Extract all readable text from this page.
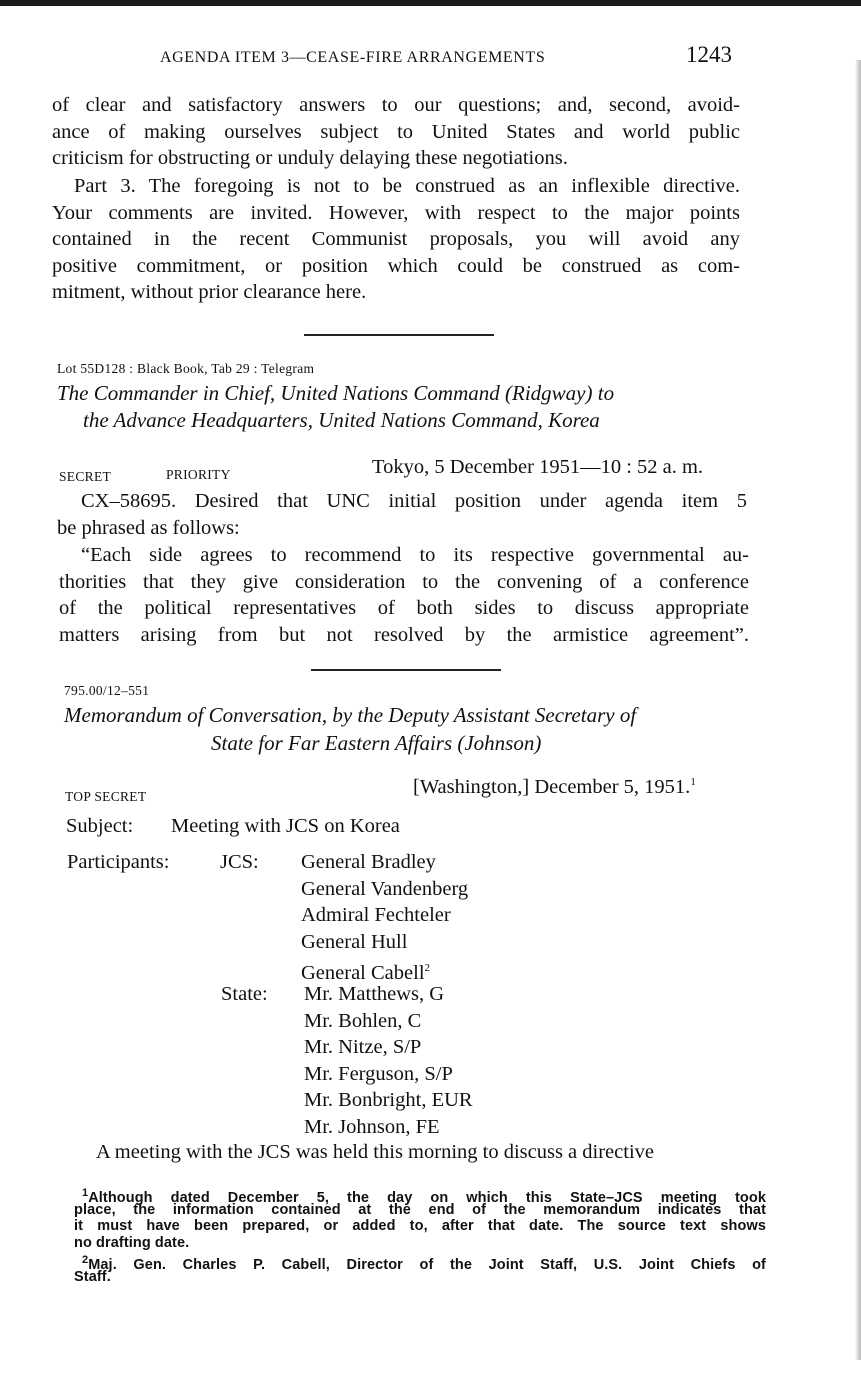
AGENDA ITEM 3—CEASE-FIRE ARRANGEMENTS	1243
of clear and satisfactory answers to our questions; and, second, avoid-
ance of making ourselves subject to United States and world public
criticism for obstructing or unduly delaying these negotiations.
Part 3. The foregoing is not to be construed as an inflexible directive.
Your comments are invited. However, with respect to the major points
contained in the recent Communist proposals, you will avoid any
positive commitment, or position which could be construed as com-
mitment, without prior clearance here.
Lot 55D128 : Black Book, Tab 29 : Telegram
The Commander in Chief, United Nations Command (Ridgway) to
the Advance Headquarters, United Nations Command, Korea
SECRET	PRIORITY	Tokyo, 5 December 1951—10 : 52 a. m.
CX–58695. Desired that UNC initial position under agenda item 5
be phrased as follows:
“Each side agrees to recommend to its respective governmental au-
thorities that they give consideration to the convening of a conference
of the political representatives of both sides to discuss appropriate
matters arising from but not resolved by the armistice agreement”.
795.00/12–551
Memorandum of Conversation, by the Deputy Assistant Secretary of
State for Far Eastern Affairs (Johnson)
TOP SECRET	[Washington,] December 5, 1951.$^1$
Subject: Meeting with JCS on Korea
Participants: JCS: General Bradley
General Vandenberg
Admiral Fechteler
General Hull
General Cabell$^2$
State: Mr. Matthews, G
Mr. Bohlen, C
Mr. Nitze, S/P
Mr. Ferguson, S/P
Mr. Bonbright, EUR
Mr. Johnson, FE
A meeting with the JCS was held this morning to discuss a directive
$^1$Although dated December 5, the day on which this State–JCS meeting took
place, the information contained at the end of the memorandum indicates that
it must have been prepared, or added to, after that date. The source text shows
no drafting date.
$^2$Maj. Gen. Charles P. Cabell, Director of the Joint Staff, U.S. Joint Chiefs of
Staff.
